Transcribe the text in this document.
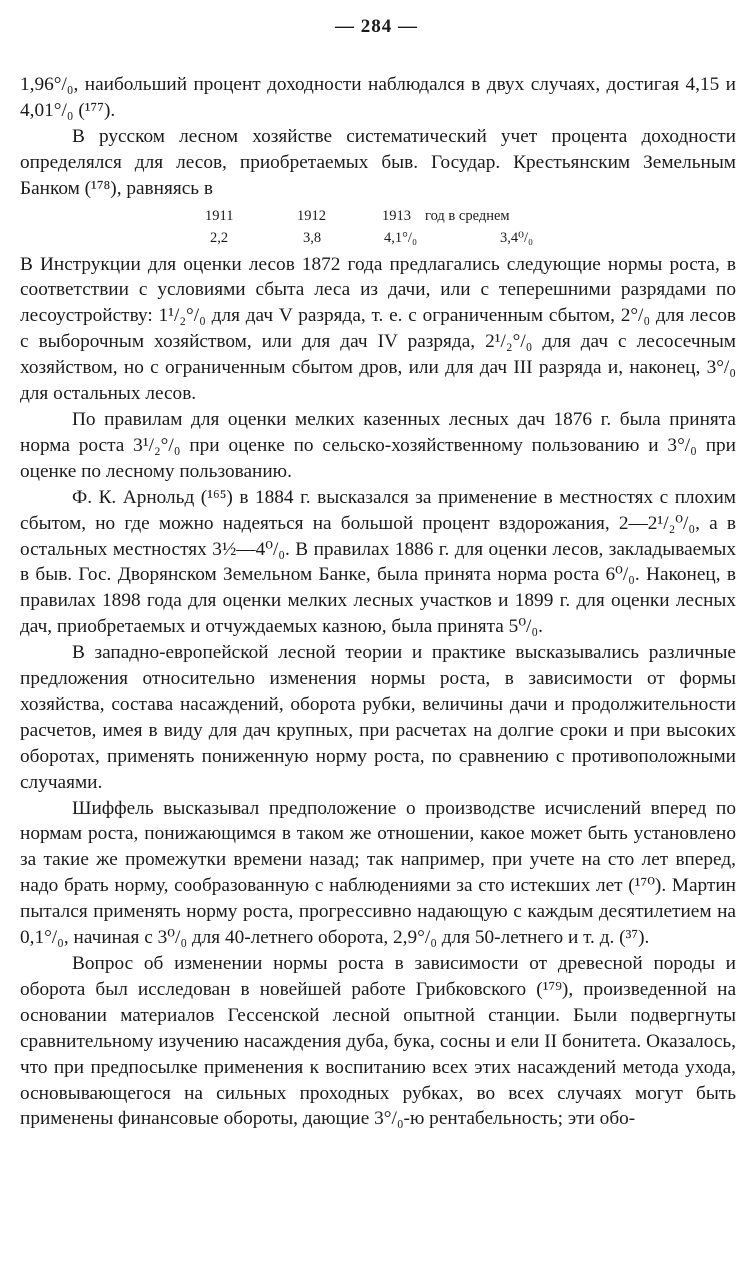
— 284 —

1,96°/₀, наибольший процент доходности наблюдался в двух случаях, достигая 4,15 и 4,01°/₀ (¹⁷⁷).

В русском лесном хозяйстве систематический учет процента доходности определялся для лесов, приобретаемых быв. Государ. Крестьянским Земельным Банком (¹⁷⁸), равняясь в

1911	1912	1913 год в среднем
2,2	3,8	4,1°/₀	3,4⁰/₀

В Инструкции для оценки лесов 1872 года предлагались следующие нормы роста, в соответствии с условиями сбыта леса из дачи, или с теперешними разрядами по лесоустройству: 1¹/₂°/₀ для дач V разряда, т. е. с ограниченным сбытом, 2°/₀ для лесов с выборочным хозяйством, или для дач IV разряда, 2¹/₂°/₀ для дач с лесосечным хозяйством, но с ограниченным сбытом дров, или для дач III разряда и, наконец, 3°/₀ для остальных лесов.

По правилам для оценки мелких казенных лесных дач 1876 г. была принята норма роста 3¹/₂°/₀ при оценке по сельско-хозяйственному пользованию и 3°/₀ при оценке по лесному пользованию.

Ф. К. Арнольд (¹⁶⁵) в 1884 г. высказался за применение в местностях с плохим сбытом, но где можно надеяться на большой процент вздорожания, 2—2¹/₂⁰/₀, а в остальных местностях 3½—4⁰/₀. В правилах 1886 г. для оценки лесов, закладываемых в быв. Гос. Дворянском Земельном Банке, была принята норма роста 6⁰/₀. Наконец, в правилах 1898 года для оценки мелких лесных участков и 1899 г. для оценки лесных дач, приобретаемых и отчуждаемых казною, была принята 5⁰/₀.

В западно-европейской лесной теории и практике высказывались различные предложения относительно изменения нормы роста, в зависимости от формы хозяйства, состава насаждений, оборота рубки, величины дачи и продолжительности расчетов, имея в виду для дач крупных, при расчетах на долгие сроки и при высоких оборотах, применять пониженную норму роста, по сравнению с противоположными случаями.

Шиффель высказывал предположение о производстве исчислений вперед по нормам роста, понижающимся в таком же отношении, какое может быть установлено за такие же промежутки времени назад; так например, при учете на сто лет вперед, надо брать норму, сообразованную с наблюдениями за сто истекших лет (¹⁷⁰). Мартин пытался применять норму роста, прогрессивно надающую с каждым десятилетием на 0,1°/₀, начиная с 3⁰/₀ для 40-летнего оборота, 2,9°/₀ для 50-летнего и т. д. (³⁷).

Вопрос об изменении нормы роста в зависимости от древесной породы и оборота был исследован в новейшей работе Грибковского (¹⁷⁹), произведенной на основании материалов Гессенской лесной опытной станции. Были подвергнуты сравнительному изучению насаждения дуба, бука, сосны и ели II бонитета. Оказалось, что при предпосылке применения к воспитанию всех этих насаждений метода ухода, основывающегося на сильных проходных рубках, во всех случаях могут быть применены финансовые обороты, дающие 3°/₀-ю рентабельность; эти обо-
